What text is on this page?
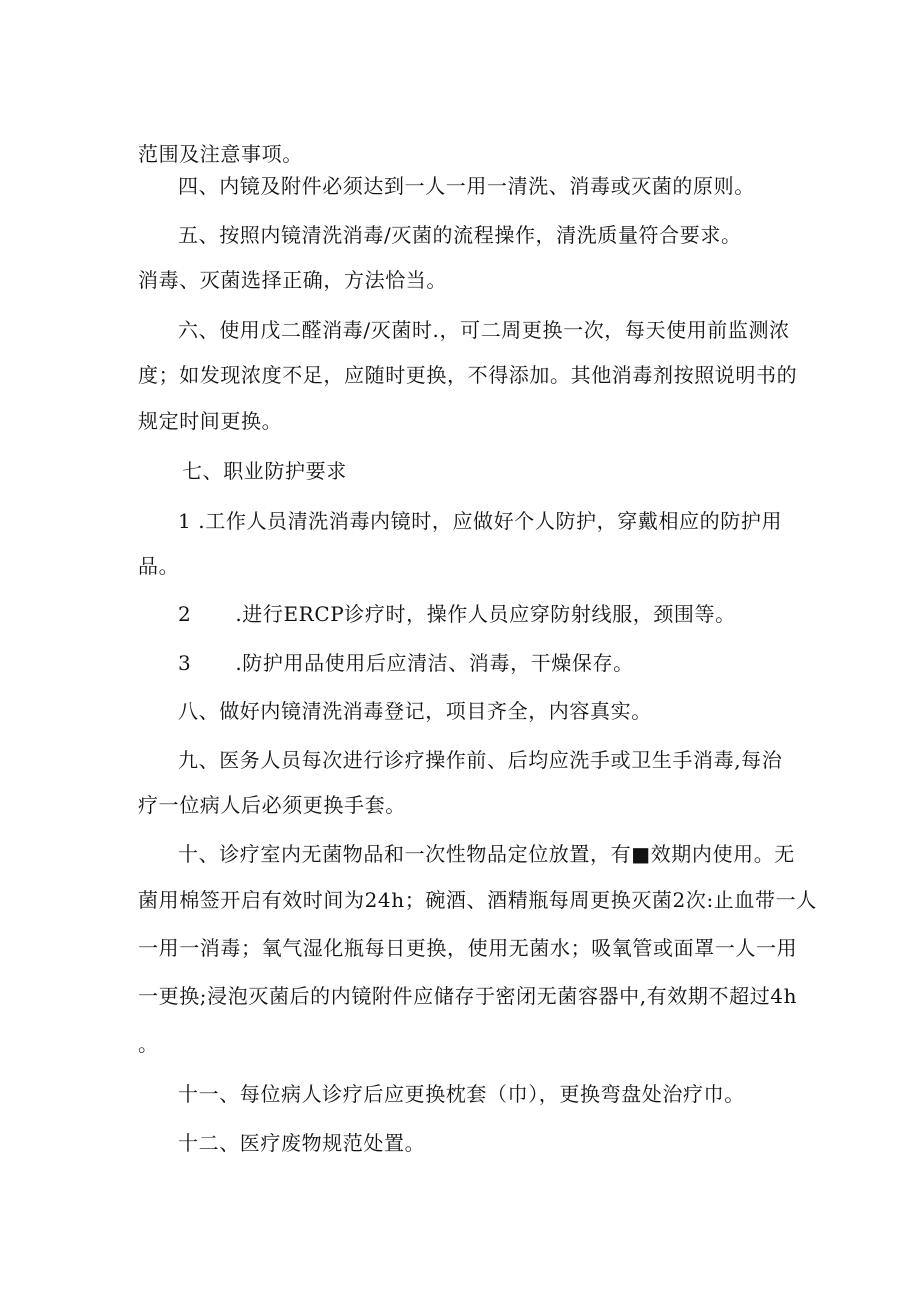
范围及注意事项。

四、内镜及附件必须达到一人一用一清洗、消毒或灭菌的原则。

五、按照内镜清洗消毒/灭菌的流程操作，清洗质量符合要求。

消毒、灭菌选择正确，方法恰当。

六、使用戊二醛消毒/灭菌时.，可二周更换一次，每天使用前监测浓

度；如发现浓度不足，应随时更换，不得添加。其他消毒剂按照说明书的

规定时间更换。

七、职业防护要求

1 .工作人员清洗消毒内镜时，应做好个人防护，穿戴相应的防护用

品。

2 .进行ERCP诊疗时，操作人员应穿防射线服，颈围等。

3 .防护用品使用后应清洁、消毒，干燥保存。

八、做好内镜清洗消毒登记，项目齐全，内容真实。

九、医务人员每次进行诊疗操作前、后均应洗手或卫生手消毒,每治

疗一位病人后必须更换手套。

十、诊疗室内无菌物品和一次性物品定位放置，有■效期内使用。无

菌用棉签开启有效时间为24h；碗酒、酒精瓶每周更换灭菌2次:止血带一人

一用一消毒；氧气湿化瓶每日更换，使用无菌水；吸氧管或面罩一人一用

一更换;浸泡灭菌后的内镜附件应储存于密闭无菌容器中,有效期不超过4h

。

十一、每位病人诊疗后应更换枕套（巾），更换弯盘处治疗巾。

十二、医疗废物规范处置。
